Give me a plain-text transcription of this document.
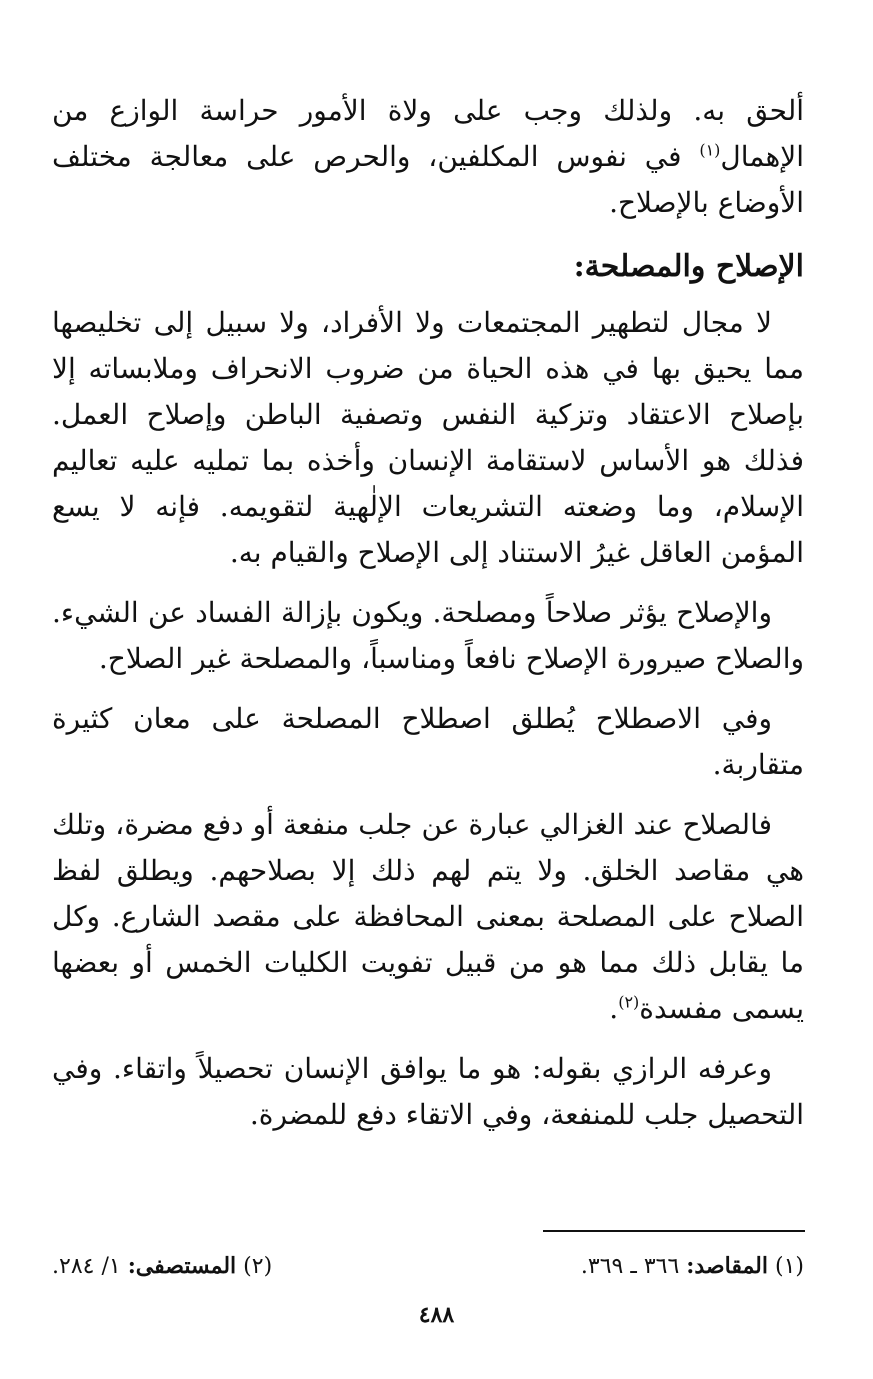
ألحق به. ولذلك وجب على ولاة الأمور حراسة الوازع من الإهمال$^{(١)}$ في نفوس المكلفين، والحرص على معالجة مختلف الأوضاع بالإصلاح.

الإصلاح والمصلحة:

لا مجال لتطهير المجتمعات ولا الأفراد، ولا سبيل إلى تخليصها مما يحيق بها في هذه الحياة من ضروب الانحراف وملابساته إلا بإصلاح الاعتقاد وتزكية النفس وتصفية الباطن وإصلاح العمل. فذلك هو الأساس لاستقامة الإنسان وأخذه بما تمليه عليه تعاليم الإسلام، وما وضعته التشريعات الإلٰهية لتقويمه. فإنه لا يسع المؤمن العاقل غيرُ الاستناد إلى الإصلاح والقيام به.

والإصلاح يؤثر صلاحاً ومصلحة. ويكون بإزالة الفساد عن الشيء. والصلاح صيرورة الإصلاح نافعاً ومناسباً، والمصلحة غير الصلاح.

وفي الاصطلاح يُطلق اصطلاح المصلحة على معان كثيرة متقاربة.

فالصلاح عند الغزالي عبارة عن جلب منفعة أو دفع مضرة، وتلك هي مقاصد الخلق. ولا يتم لهم ذلك إلا بصلاحهم. ويطلق لفظ الصلاح على المصلحة بمعنى المحافظة على مقصد الشارع. وكل ما يقابل ذلك مما هو من قبيل تفويت الكليات الخمس أو بعضها يسمى مفسدة$^{(٢)}$.

وعرفه الرازي بقوله: هو ما يوافق الإنسان تحصيلاً واتقاء. وفي التحصيل جلب للمنفعة، وفي الاتقاء دفع للمضرة.

(١) المقاصد: ٣٦٦ ـ ٣٦٩.
(٢) المستصفى: ١/ ٢٨٤.
٤٨٨
